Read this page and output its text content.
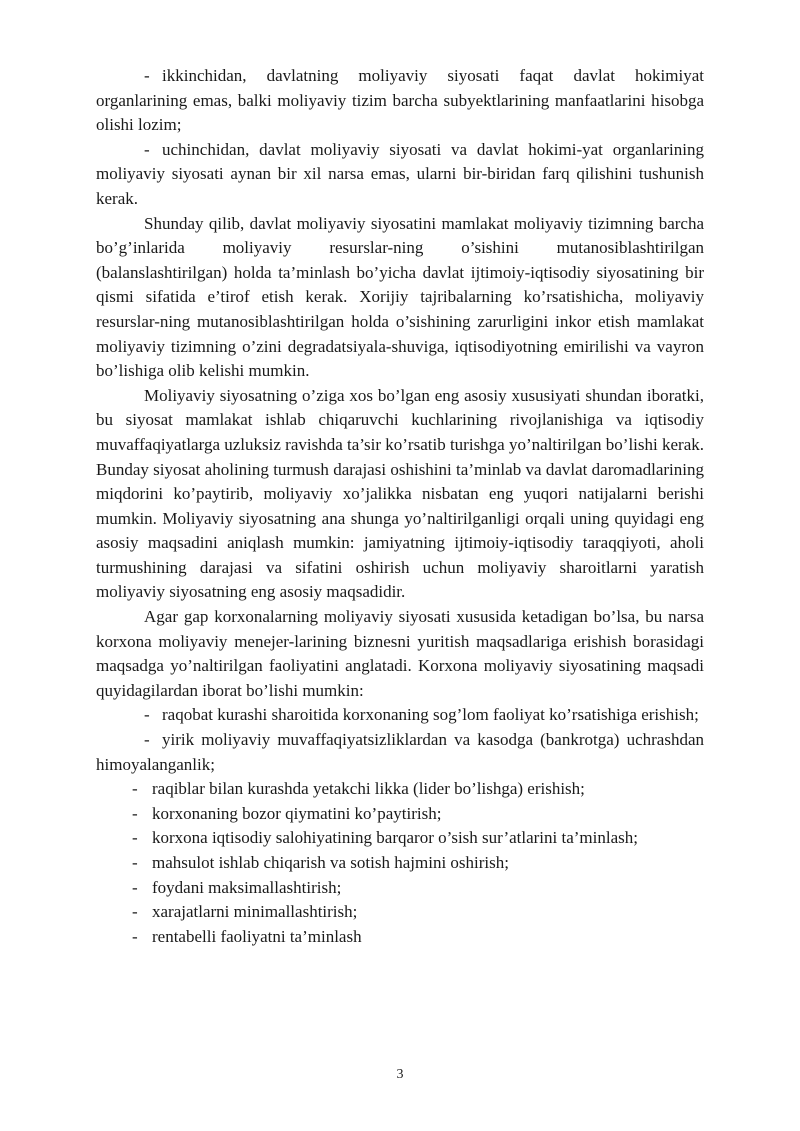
- ikkinchidan, davlatning moliyaviy siyosati faqat davlat hokimiyat organlarining emas, balki moliyaviy tizim barcha subyektlarining manfaatlarini hisobga olishi lozim;

- uchinchidan, davlat moliyaviy siyosati va davlat hokimi-yat organlarining moliyaviy siyosati aynan bir xil narsa emas, ularni bir-biridan farq qilishini tushunish kerak.

Shunday qilib, davlat moliyaviy siyosatini mamlakat moliyaviy tizimning barcha bo’g’inlarida moliyaviy resurslar-ning o’sishini mutanosiblashtirilgan (balanslashtirilgan) holda ta’minlash bo’yicha davlat ijtimoiy-iqtisodiy siyosatining bir qismi sifatida e’tirof etish kerak. Xorijiy tajribalarning ko’rsatishicha, moliyaviy resurslar-ning mutanosiblashtirilgan holda o’sishining zarurligini inkor etish mamlakat moliyaviy tizimning o’zini degradatsiyala-shuviga, iqtisodiyotning emirilishi va vayron bo’lishiga olib kelishi mumkin.

Moliyaviy siyosatning o’ziga xos bo’lgan eng asosiy xususiyati shundan iboratki, bu siyosat mamlakat ishlab chiqaruvchi kuchlarining rivojlanishiga va iqtisodiy muvaffaqiyatlarga uzluksiz ravishda ta’sir ko’rsatib turishga yo’naltirilgan bo’lishi kerak. Bunday siyosat aholining turmush darajasi oshishini ta’minlab va davlat daromadlarining miqdorini ko’paytirib, moliyaviy xo’jalikka nisbatan eng yuqori natijalarni berishi mumkin. Moliyaviy siyosatning ana shunga yo’naltirilganligi orqali uning quyidagi eng asosiy maqsadini aniqlash mumkin: jamiyatning ijtimoiy-iqtisodiy taraqqiyoti, aholi turmushining darajasi va sifatini oshirish uchun moliyaviy sharoitlarni yaratish moliyaviy siyosatning eng asosiy maqsadidir.

Agar gap korxonalarning moliyaviy siyosati xususida ketadigan bo’lsa, bu narsa korxona moliyaviy menejer-larining biznesni yuritish maqsadlariga erishish borasidagi maqsadga yo’naltirilgan faoliyatini anglatadi. Korxona moliyaviy siyosatining maqsadi quyidagilardan iborat bo’lishi mumkin:

- raqobat kurashi sharoitida korxonaning sog’lom faoliyat ko’rsatishiga erishish;

- yirik moliyaviy muvaffaqiyatsizliklardan va kasodga (bankrotga) uchrashdan himoyalanganlik;

- raqiblar bilan kurashda yetakchi likka (lider bo’lishga) erishish;

- korxonaning bozor qiymatini ko’paytirish;

- korxona iqtisodiy salohiyatining barqaror o’sish sur’atlarini ta’minlash;

- mahsulot ishlab chiqarish va sotish hajmini oshirish;

- foydani maksimallashtirish;

- xarajatlarni minimallashtirish;

- rentabelli faoliyatni ta’minlash

3
